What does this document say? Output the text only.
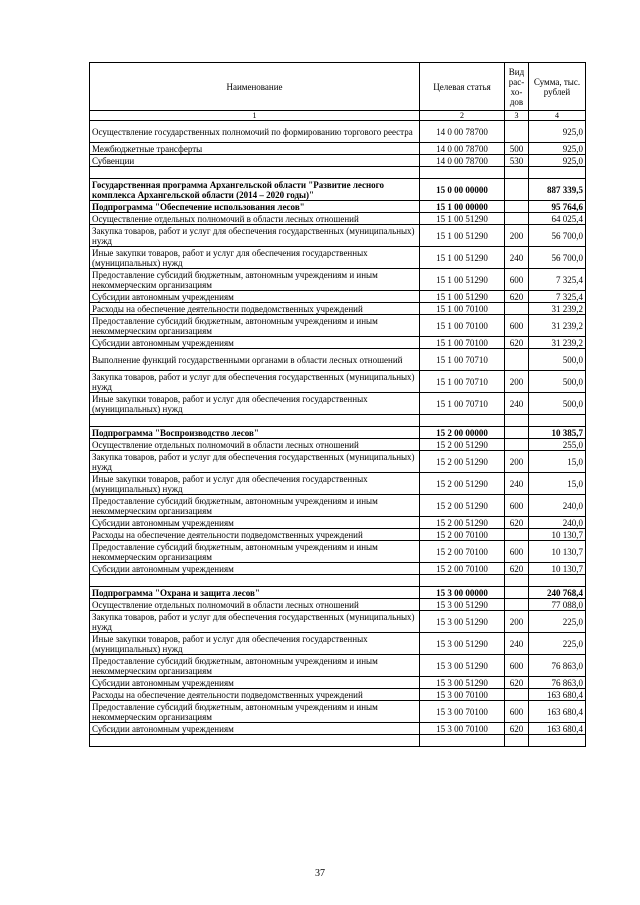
Наименование	Целевая статья	Вид рас-хо-дов	Сумма, тыс. рублей
1	2	3	4
Осуществление государственных полномочий по формированию торгового реестра	14 0 00 78700		925,0
Межбюджетные трансферты	14 0 00 78700	500	925,0
Субвенции	14 0 00 78700	530	925,0

Государственная программа Архангельской области "Развитие лесного комплекса Архангельской области (2014 – 2020 годы)"	15 0 00 00000		887 339,5
Подпрограмма "Обеспечение использования лесов"	15 1 00 00000		95 764,6
Осуществление отдельных полномочий в области лесных отношений	15 1 00 51290		64 025,4
Закупка товаров, работ и услуг для обеспечения государственных (муниципальных) нужд	15 1 00 51290	200	56 700,0
Иные закупки товаров, работ и услуг для обеспечения государственных (муниципальных) нужд	15 1 00 51290	240	56 700,0
Предоставление субсидий бюджетным, автономным учреждениям и иным некоммерческим организациям	15 1 00 51290	600	7 325,4
Субсидии автономным учреждениям	15 1 00 51290	620	7 325,4
Расходы на обеспечение деятельности подведомственных учреждений	15 1 00 70100		31 239,2
Предоставление субсидий бюджетным, автономным учреждениям и иным некоммерческим организациям	15 1 00 70100	600	31 239,2
Субсидии автономным учреждениям	15 1 00 70100	620	31 239,2
Выполнение функций государственными органами в области лесных отношений	15 1 00 70710		500,0
Закупка товаров, работ и услуг для обеспечения государственных (муниципальных) нужд	15 1 00 70710	200	500,0
Иные закупки товаров, работ и услуг для обеспечения государственных (муниципальных) нужд	15 1 00 70710	240	500,0

Подпрограмма "Воспроизводство лесов"	15 2 00 00000		10 385,7
Осуществление отдельных полномочий в области лесных отношений	15 2 00 51290		255,0
Закупка товаров, работ и услуг для обеспечения государственных (муниципальных) нужд	15 2 00 51290	200	15,0
Иные закупки товаров, работ и услуг для обеспечения государственных (муниципальных) нужд	15 2 00 51290	240	15,0
Предоставление субсидий бюджетным, автономным учреждениям и иным некоммерческим организациям	15 2 00 51290	600	240,0
Субсидии автономным учреждениям	15 2 00 51290	620	240,0
Расходы на обеспечение деятельности подведомственных учреждений	15 2 00 70100		10 130,7
Предоставление субсидий бюджетным, автономным учреждениям и иным некоммерческим организациям	15 2 00 70100	600	10 130,7
Субсидии автономным учреждениям	15 2 00 70100	620	10 130,7

Подпрограмма "Охрана и защита лесов"	15 3 00 00000		240 768,4
Осуществление отдельных полномочий в области лесных отношений	15 3 00 51290		77 088,0
Закупка товаров, работ и услуг для обеспечения государственных (муниципальных) нужд	15 3 00 51290	200	225,0
Иные закупки товаров, работ и услуг для обеспечения государственных (муниципальных) нужд	15 3 00 51290	240	225,0
Предоставление субсидий бюджетным, автономным учреждениям и иным некоммерческим организациям	15 3 00 51290	600	76 863,0
Субсидии автономным учреждениям	15 3 00 51290	620	76 863,0
Расходы на обеспечение деятельности подведомственных учреждений	15 3 00 70100		163 680,4
Предоставление субсидий бюджетным, автономным учреждениям и иным некоммерческим организациям	15 3 00 70100	600	163 680,4
Субсидии автономным учреждениям	15 3 00 70100	620	163 680,4

37
